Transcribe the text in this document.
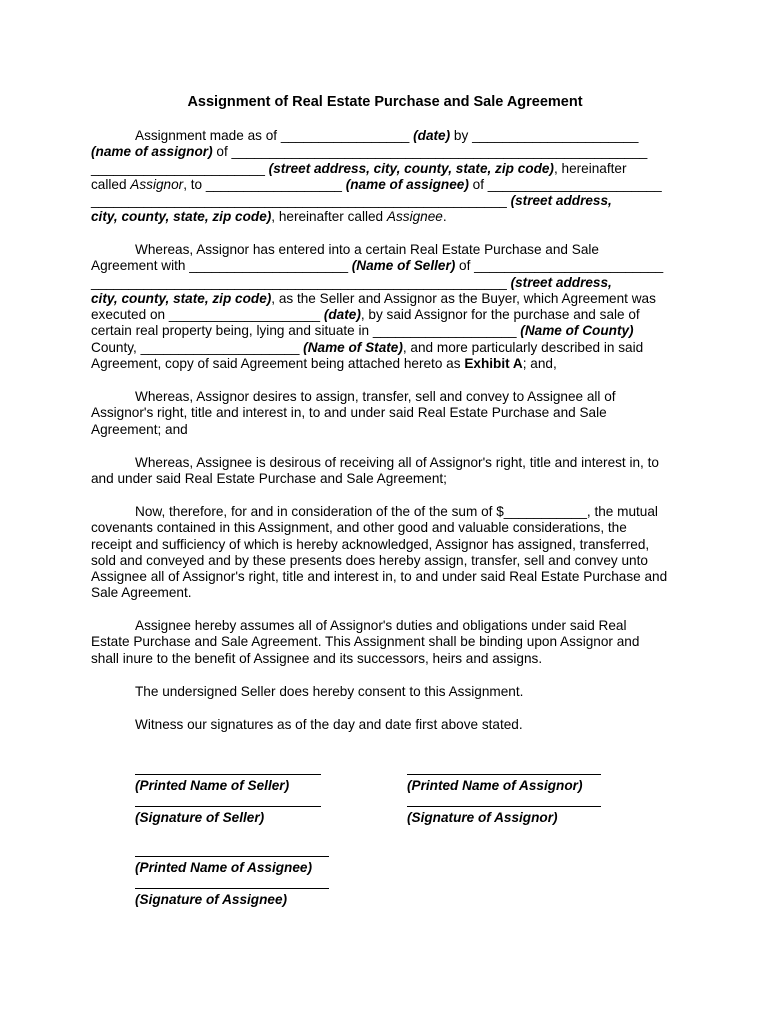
Assignment of Real Estate Purchase and Sale Agreement
	Assignment made as of _________________ (date) by ______________________
(name of assignor) of _______________________________________________________
_______________________ (street address, city, county, state, zip code), hereinafter
called Assignor, to __________________ (name of assignee) of _______________________
_______________________________________________________ (street address,
city, county, state, zip code), hereinafter called Assignee.
	Whereas, Assignor has entered into a certain Real Estate Purchase and Sale
Agreement with _____________________ (Name of Seller) of _________________________
_______________________________________________________ (street address,
city, county, state, zip code), as the Seller and Assignor as the Buyer, which Agreement was
executed on ____________________ (date), by said Assignor for the purchase and sale of
certain real property being, lying and situate in ___________________ (Name of County)
County, _____________________ (Name of State), and more particularly described in said
Agreement, copy of said Agreement being attached hereto as Exhibit A; and,
	Whereas, Assignor desires to assign, transfer, sell and convey to Assignee all of
Assignor's right, title and interest in, to and under said Real Estate Purchase and Sale
Agreement; and
	Whereas, Assignee is desirous of receiving all of Assignor's right, title and interest in, to
and under said Real Estate Purchase and Sale Agreement;
	Now, therefore, for and in consideration of the of the sum of $___________, the mutual
covenants contained in this Assignment, and other good and valuable considerations, the
receipt and sufficiency of which is hereby acknowledged, Assignor has assigned, transferred,
sold and conveyed and by these presents does hereby assign, transfer, sell and convey unto
Assignee all of Assignor's right, title and interest in, to and under said Real Estate Purchase and
Sale Agreement.
	Assignee hereby assumes all of Assignor's duties and obligations under said Real
Estate Purchase and Sale Agreement. This Assignment shall be binding upon Assignor and
shall inure to the benefit of Assignee and its successors, heirs and assigns.
	The undersigned Seller does hereby consent to this Assignment.
	Witness our signatures as of the day and date first above stated.
(Printed Name of Seller)	(Printed Name of Assignor)
(Signature of Seller)	(Signature of Assignor)
(Printed Name of Assignee)
(Signature of Assignee)
